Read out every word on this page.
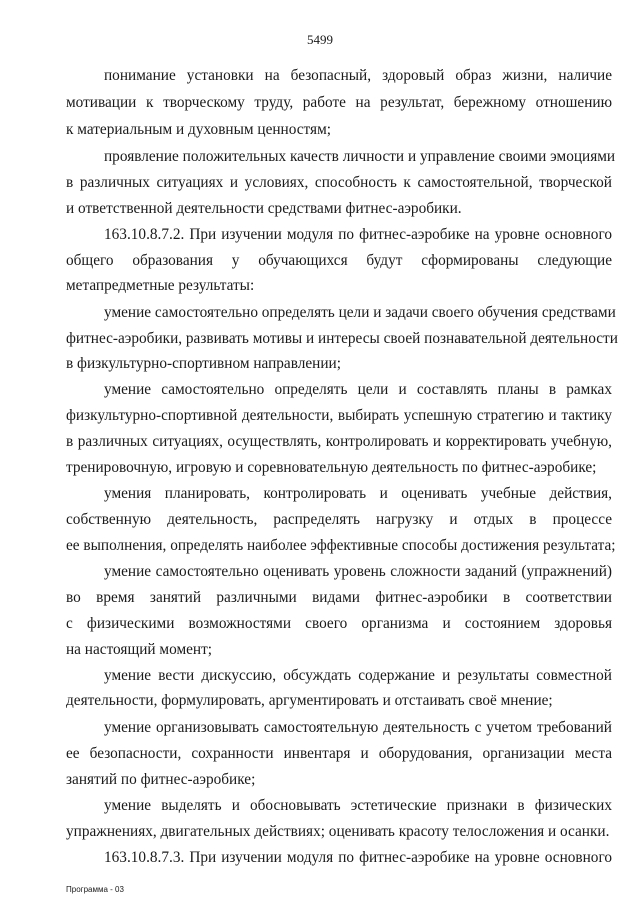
5499
понимание установки на безопасный, здоровый образ жизни, наличие
мотивации к творческому труду, работе на результат, бережному отношению
к материальным и духовным ценностям;
проявление положительных качеств личности и управление своими эмоциями
в различных ситуациях и условиях, способность к самостоятельной, творческой
и ответственной деятельности средствами фитнес-аэробики.
163.10.8.7.2. При изучении модуля по фитнес-аэробике на уровне основного
общего образования у обучающихся будут сформированы следующие
метапредметные результаты:
умение самостоятельно определять цели и задачи своего обучения средствами
фитнес-аэробики, развивать мотивы и интересы своей познавательной деятельности
в физкультурно-спортивном направлении;
умение самостоятельно определять цели и составлять планы в рамках
физкультурно-спортивной деятельности, выбирать успешную стратегию и тактику
в различных ситуациях, осуществлять, контролировать и корректировать учебную,
тренировочную, игровую и соревновательную деятельность по фитнес-аэробике;
умения планировать, контролировать и оценивать учебные действия,
собственную деятельность, распределять нагрузку и отдых в процессе
ее выполнения, определять наиболее эффективные способы достижения результата;
умение самостоятельно оценивать уровень сложности заданий (упражнений)
во время занятий различными видами фитнес-аэробики в соответствии
с физическими возможностями своего организма и состоянием здоровья
на настоящий момент;
умение вести дискуссию, обсуждать содержание и результаты совместной
деятельности, формулировать, аргументировать и отстаивать своё мнение;
умение организовывать самостоятельную деятельность с учетом требований
ее безопасности, сохранности инвентаря и оборудования, организации места
занятий по фитнес-аэробике;
умение выделять и обосновывать эстетические признаки в физических
упражнениях, двигательных действиях; оценивать красоту телосложения и осанки.
163.10.8.7.3. При изучении модуля по фитнес-аэробике на уровне основного
Программа - 03
